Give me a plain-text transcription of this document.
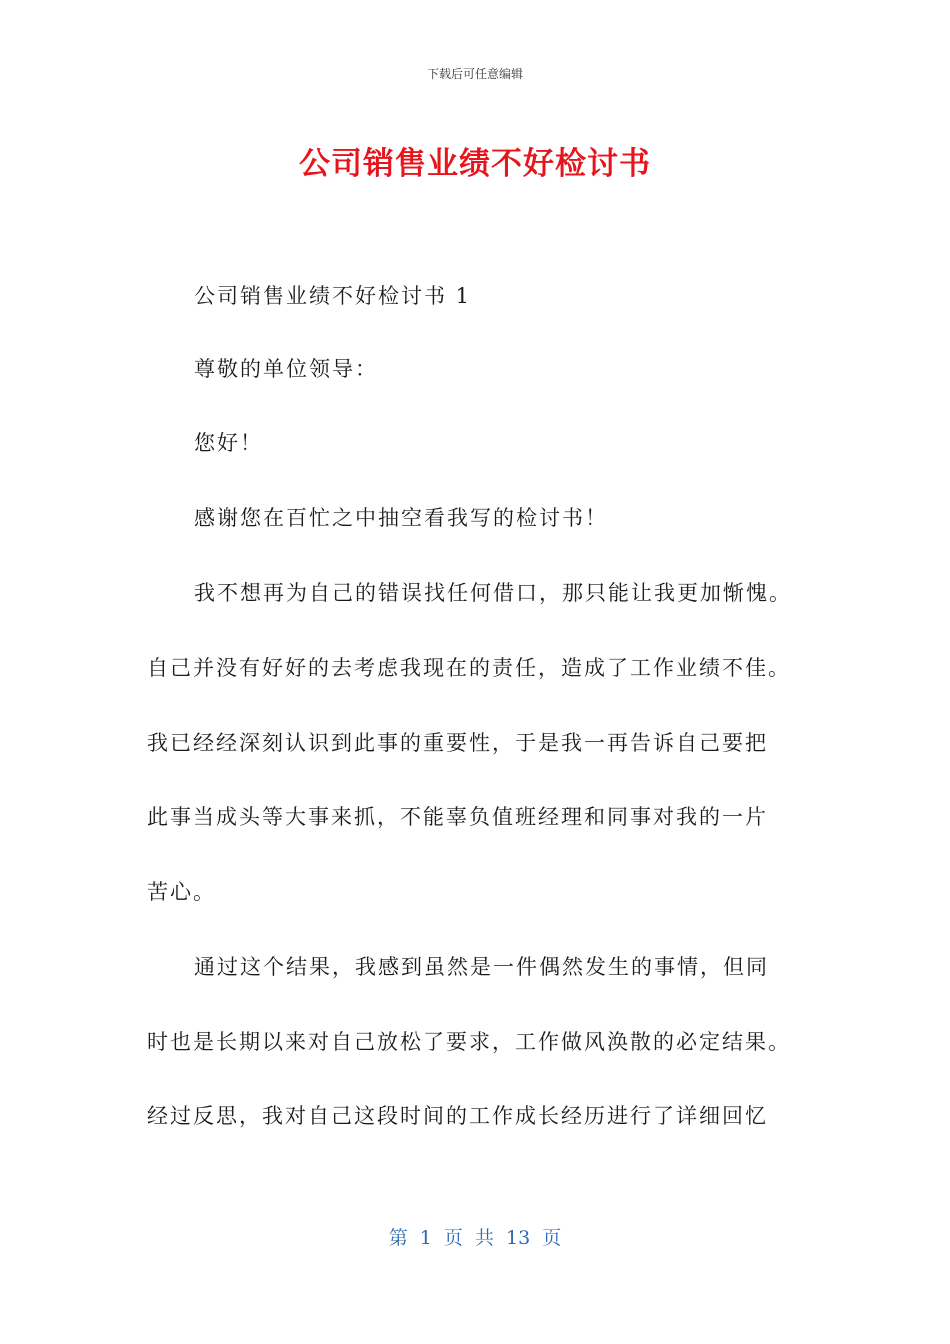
下载后可任意编辑
公司销售业绩不好检讨书
公司销售业绩不好检讨书 1
尊敬的单位领导：
您好！
感谢您在百忙之中抽空看我写的检讨书！
我不想再为自己的错误找任何借口，那只能让我更加惭愧。
自己并没有好好的去考虑我现在的责任，造成了工作业绩不佳。
我已经经深刻认识到此事的重要性，于是我一再告诉自己要把
此事当成头等大事来抓，不能辜负值班经理和同事对我的一片
苦心。
通过这个结果，我感到虽然是一件偶然发生的事情，但同
时也是长期以来对自己放松了要求，工作做风涣散的必定结果。
经过反思，我对自己这段时间的工作成长经历进行了详细回忆
第 1 页 共 13 页
